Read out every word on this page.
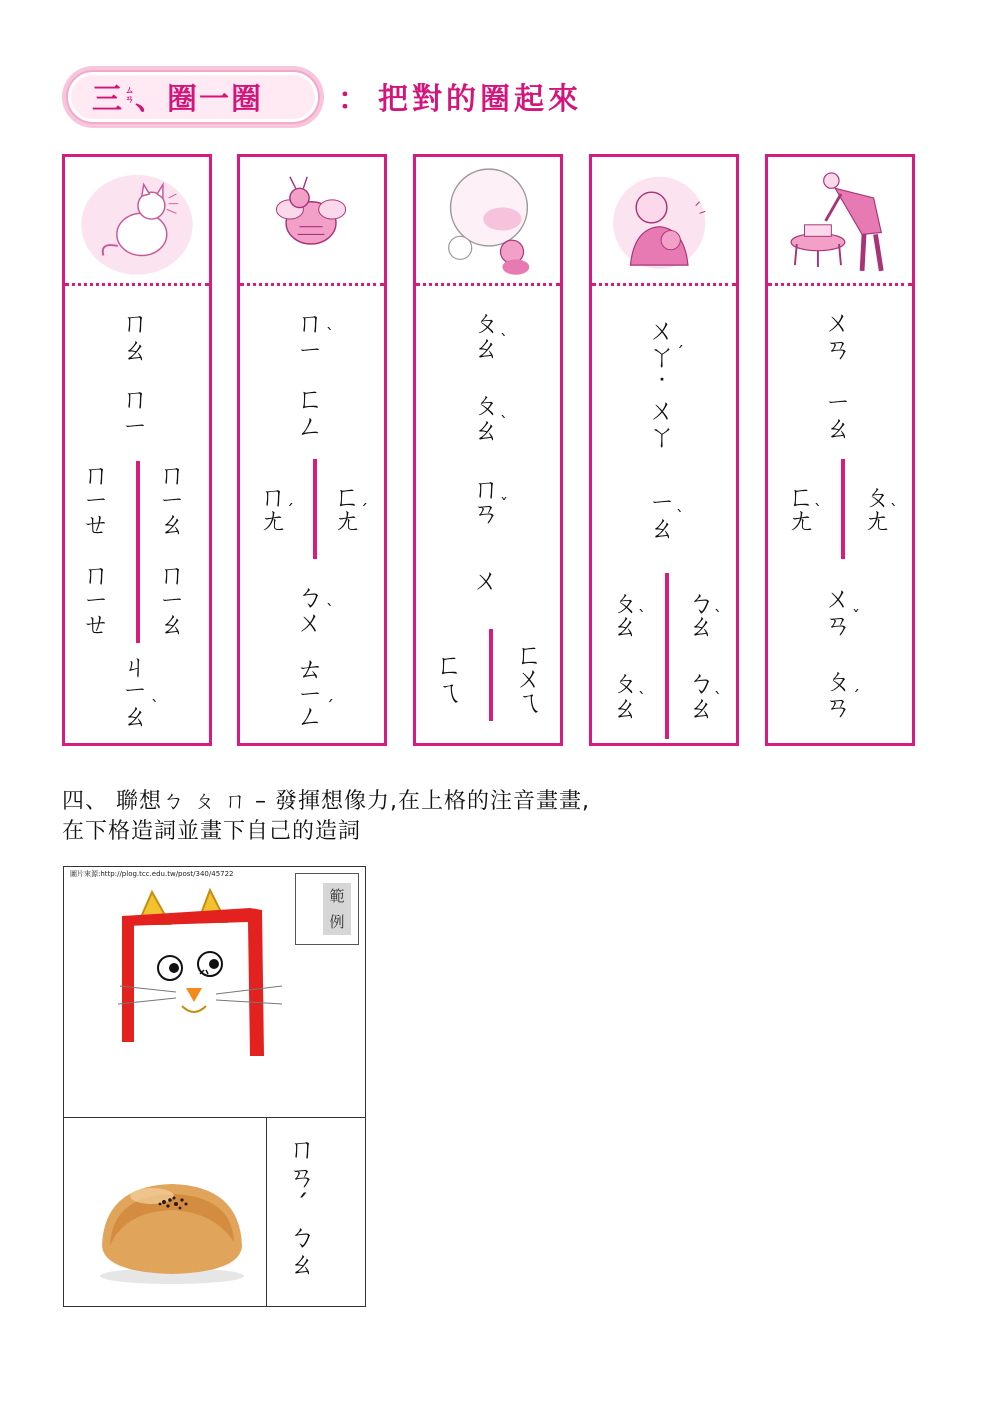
三 ㄙㄢ
、圈一圈	： 把對的圈起來
ㄇ
ㄠ
ㄇ
ㄧ
ㄇ
ㄧ
ㄝ
ㄇ
ㄧ
ㄝ
ㄇ
ㄧ
ㄠ
ㄇ
ㄧ
ㄠ
ㄐ
ㄧ
ㄠ ˋ
ㄇ
ㄧ
ˋ
ㄈ
ㄥ
ㄇ
ㄤ ˊ ㄈ
ㄤ ˊ
ㄅ
ㄨ ˋ
ㄊ
ㄧ
ㄥ ˊ
ㄆ
ㄠ ˋ
ㄆ
ㄠ ˋ
ㄇ
ㄢ ˇ
ㄨ
ㄈ
ㄟ
ㄈ
ㄨ
ㄟ
ㄨ
ㄚ ˊ
˙
ㄨ
ㄚ
ㄧ
ㄠ ˋ
ㄆ
ㄠ ˋ
ㄆ
ㄠ ˋ
ㄅ
ㄠ ˋ
ㄅ
ㄠ ˋ
ㄨ
ㄢ
ㄧ
ㄠ
ㄈ
ㄤ ˋ ㄆ
ㄤ ˋ
ㄨ
ㄢ ˇ
ㄆ
ㄢ ˊ
四、 聯想ㄅ ㄆ ㄇ – 發揮想像力,在上格的注音畫畫,
在下格造詞並畫下自己的造詞
圖片來源:http://plog.tcc.edu.tw/post/340/45722
範例
ㄇㄢˊ
ㄅㄠ
